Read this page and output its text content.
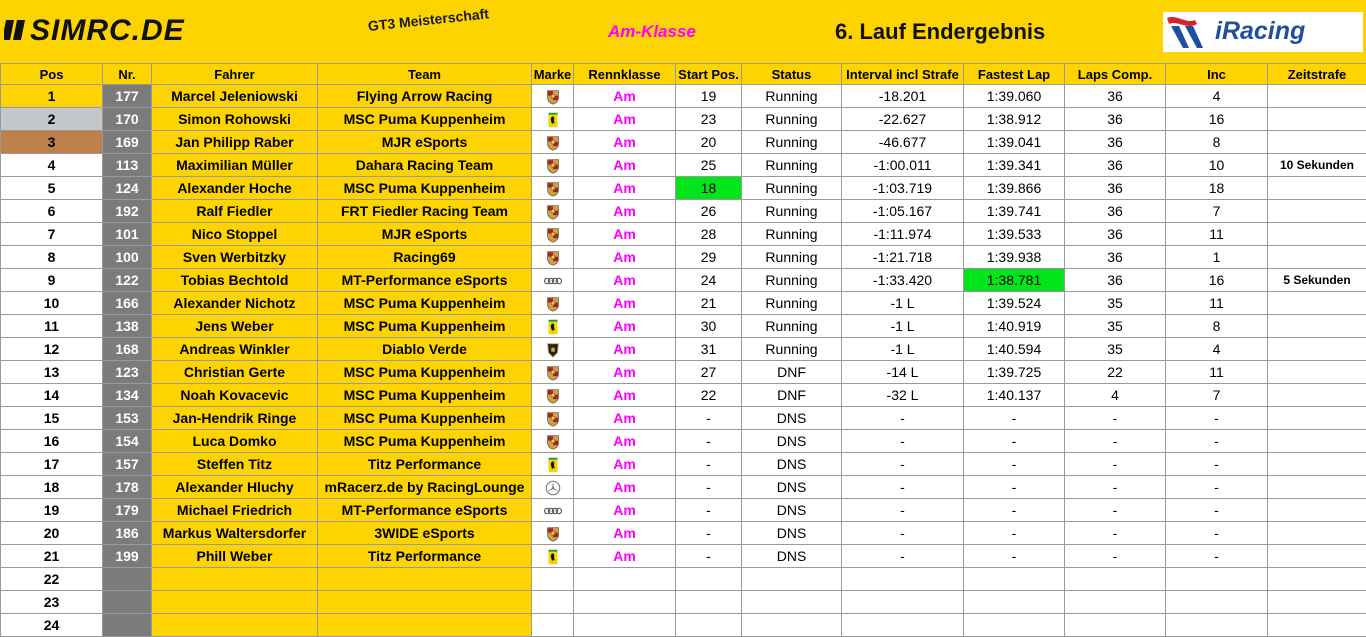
SIMRC.DE	GT3 Meisterschaft	Am-Klasse	6. Lauf Endergebnis	iRacing
Pos	Nr.	Fahrer	Team	Marke	Rennklasse	Start Pos.	Status	Interval incl Strafe	Fastest Lap	Laps Comp.	Inc	Zeitstrafe
1	177	Marcel Jeleniowski	Flying Arrow Racing		Am	19	Running	-18.201	1:39.060	36	4	
2	170	Simon Rohowski	MSC Puma Kuppenheim		Am	23	Running	-22.627	1:38.912	36	16	
3	169	Jan Philipp Raber	MJR eSports		Am	20	Running	-46.677	1:39.041	36	8	
4	113	Maximilian Müller	Dahara Racing Team		Am	25	Running	-1:00.011	1:39.341	36	10	10 Sekunden
5	124	Alexander Hoche	MSC Puma Kuppenheim		Am	18	Running	-1:03.719	1:39.866	36	18	
6	192	Ralf Fiedler	FRT Fiedler Racing Team		Am	26	Running	-1:05.167	1:39.741	36	7	
7	101	Nico Stoppel	MJR eSports		Am	28	Running	-1:11.974	1:39.533	36	11	
8	100	Sven Werbitzky	Racing69		Am	29	Running	-1:21.718	1:39.938	36	1	
9	122	Tobias Bechtold	MT-Performance eSports		Am	24	Running	-1:33.420	1:38.781	36	16	5 Sekunden
10	166	Alexander Nichotz	MSC Puma Kuppenheim		Am	21	Running	-1 L	1:39.524	35	11	
11	138	Jens Weber	MSC Puma Kuppenheim		Am	30	Running	-1 L	1:40.919	35	8	
12	168	Andreas Winkler	Diablo Verde		Am	31	Running	-1 L	1:40.594	35	4	
13	123	Christian Gerte	MSC Puma Kuppenheim		Am	27	DNF	-14 L	1:39.725	22	11	
14	134	Noah Kovacevic	MSC Puma Kuppenheim		Am	22	DNF	-32 L	1:40.137	4	7	
15	153	Jan-Hendrik Ringe	MSC Puma Kuppenheim		Am	-	DNS	-	-	-	-	
16	154	Luca Domko	MSC Puma Kuppenheim		Am	-	DNS	-	-	-	-	
17	157	Steffen Titz	Titz Performance		Am	-	DNS	-	-	-	-	
18	178	Alexander Hluchy	mRacerz.de by RacingLounge		Am	-	DNS	-	-	-	-	
19	179	Michael Friedrich	MT-Performance eSports		Am	-	DNS	-	-	-	-	
20	186	Markus Waltersdorfer	3WIDE eSports		Am	-	DNS	-	-	-	-	
21	199	Phill Weber	Titz Performance		Am	-	DNS	-	-	-	-	
22												
23												
24												
